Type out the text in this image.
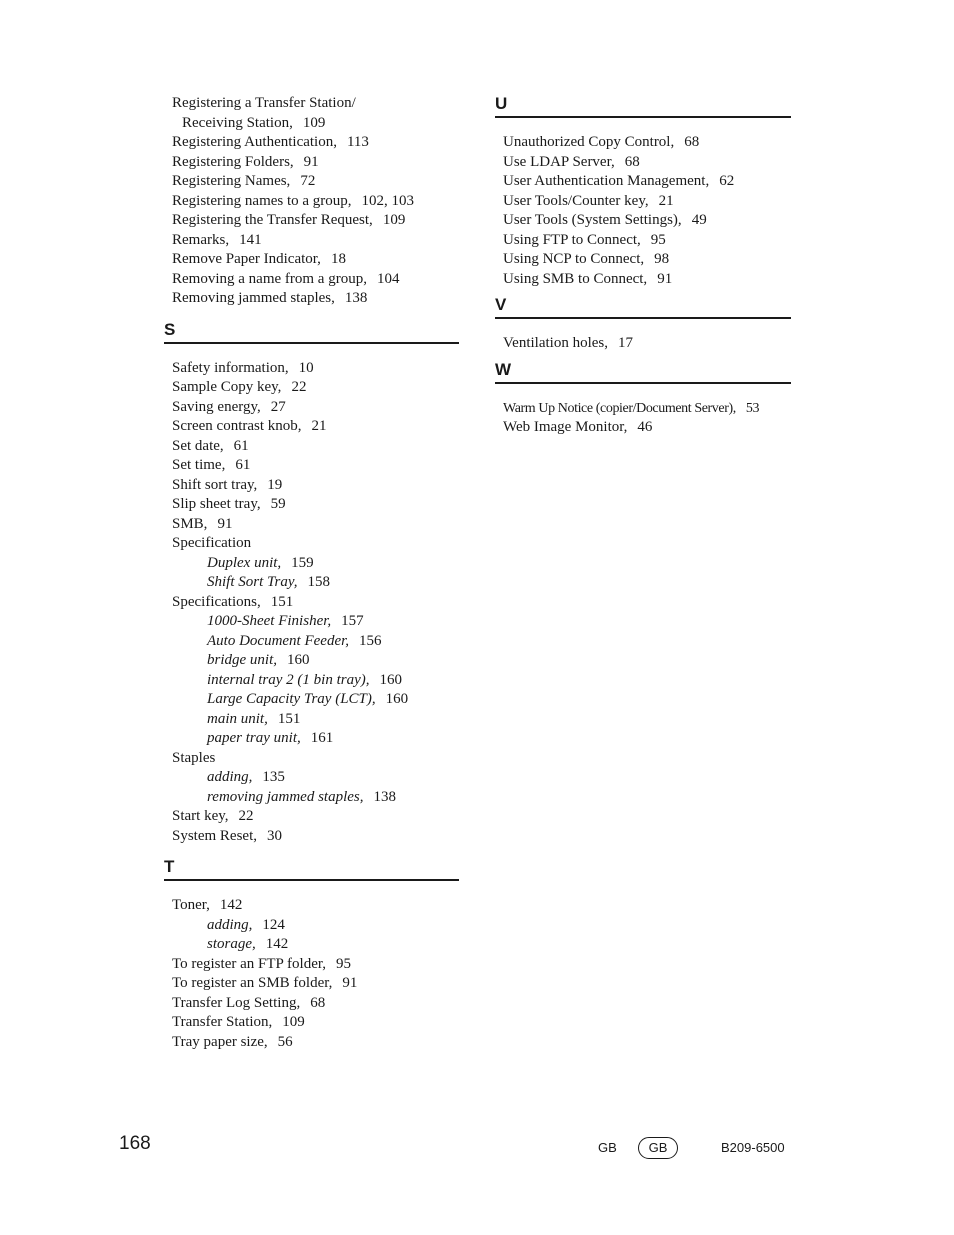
Registering a Transfer Station/
Receiving Station, 109
Registering Authentication, 113
Registering Folders, 91
Registering Names, 72
Registering names to a group, 102, 103
Registering the Transfer Request, 109
Remarks, 141
Remove Paper Indicator, 18
Removing a name from a group, 104
Removing jammed staples, 138
S
Safety information, 10
Sample Copy key, 22
Saving energy, 27
Screen contrast knob, 21
Set date, 61
Set time, 61
Shift sort tray, 19
Slip sheet tray, 59
SMB, 91
Specification
Duplex unit, 159
Shift Sort Tray, 158
Specifications, 151
1000-Sheet Finisher, 157
Auto Document Feeder, 156
bridge unit, 160
internal tray 2 (1 bin tray), 160
Large Capacity Tray (LCT), 160
main unit, 151
paper tray unit, 161
Staples
adding, 135
removing jammed staples, 138
Start key, 22
System Reset, 30
T
Toner, 142
adding, 124
storage, 142
To register an FTP folder, 95
To register an SMB folder, 91
Transfer Log Setting, 68
Transfer Station, 109
Tray paper size, 56
U
Unauthorized Copy Control, 68
Use LDAP Server, 68
User Authentication Management, 62
User Tools/Counter key, 21
User Tools (System Settings), 49
Using FTP to Connect, 95
Using NCP to Connect, 98
Using SMB to Connect, 91
V
Ventilation holes, 17
W
Warm Up Notice (copier/Document Server), 53
Web Image Monitor, 46
168	GB	GB	B209-6500
